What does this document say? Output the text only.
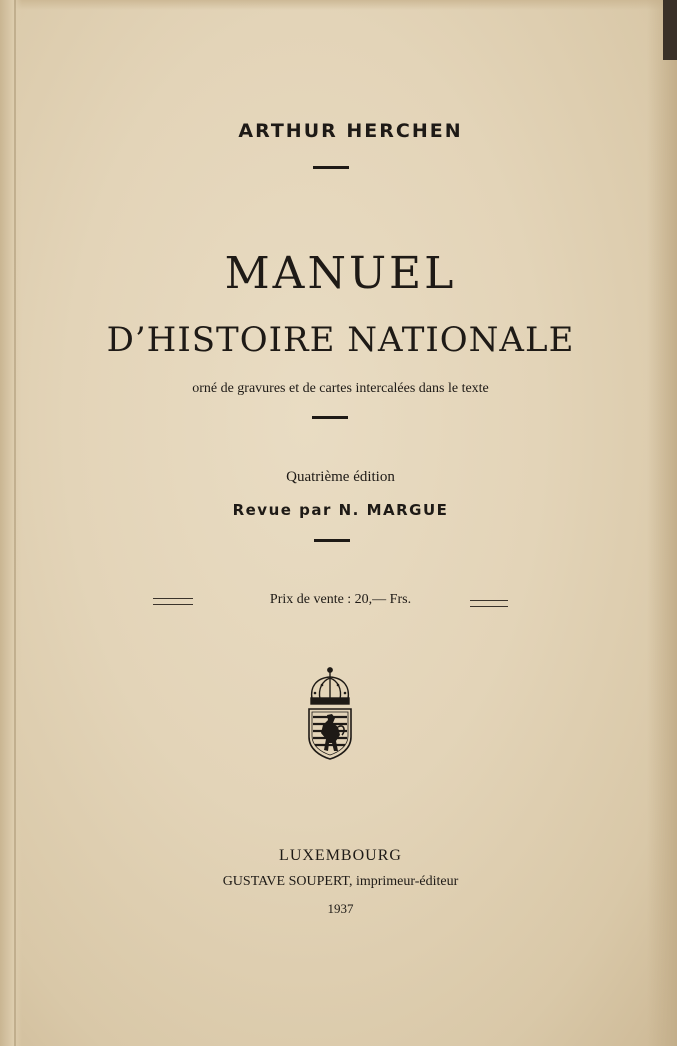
ARTHUR HERCHEN
MANUEL
D’HISTOIRE NATIONALE
orné de gravures et de cartes intercalées dans le texte
Quatrième édition
Revue par N. MARGUE
Prix de vente : 20,— Frs.
LUXEMBOURG
GUSTAVE SOUPERT, imprimeur-éditeur
1937
